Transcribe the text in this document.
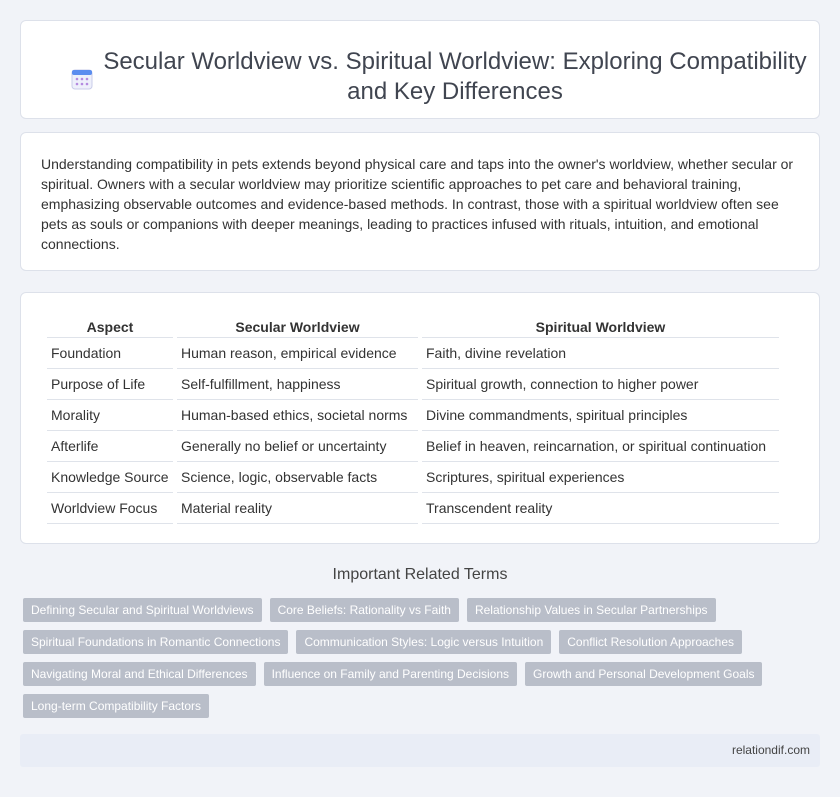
Secular Worldview vs. Spiritual Worldview: Exploring Compatibility and Key Differences

Understanding compatibility in pets extends beyond physical care and taps into the owner's worldview, whether secular or spiritual. Owners with a secular worldview may prioritize scientific approaches to pet care and behavioral training, emphasizing observable outcomes and evidence-based methods. In contrast, those with a spiritual worldview often see pets as souls or companions with deeper meanings, leading to practices infused with rituals, intuition, and emotional connections.

Aspect	Secular Worldview	Spiritual Worldview
Foundation	Human reason, empirical evidence	Faith, divine revelation
Purpose of Life	Self-fulfillment, happiness	Spiritual growth, connection to higher power
Morality	Human-based ethics, societal norms	Divine commandments, spiritual principles
Afterlife	Generally no belief or uncertainty	Belief in heaven, reincarnation, or spiritual continuation
Knowledge Source	Science, logic, observable facts	Scriptures, spiritual experiences
Worldview Focus	Material reality	Transcendent reality
Important Related Terms
Defining Secular and Spiritual Worldviews	Core Beliefs: Rationality vs Faith	Relationship Values in Secular Partnerships
Spiritual Foundations in Romantic Connections	Communication Styles: Logic versus Intuition	Conflict Resolution Approaches
Navigating Moral and Ethical Differences	Influence on Family and Parenting Decisions	Growth and Personal Development Goals
Long-term Compatibility Factors
relationdif.com
